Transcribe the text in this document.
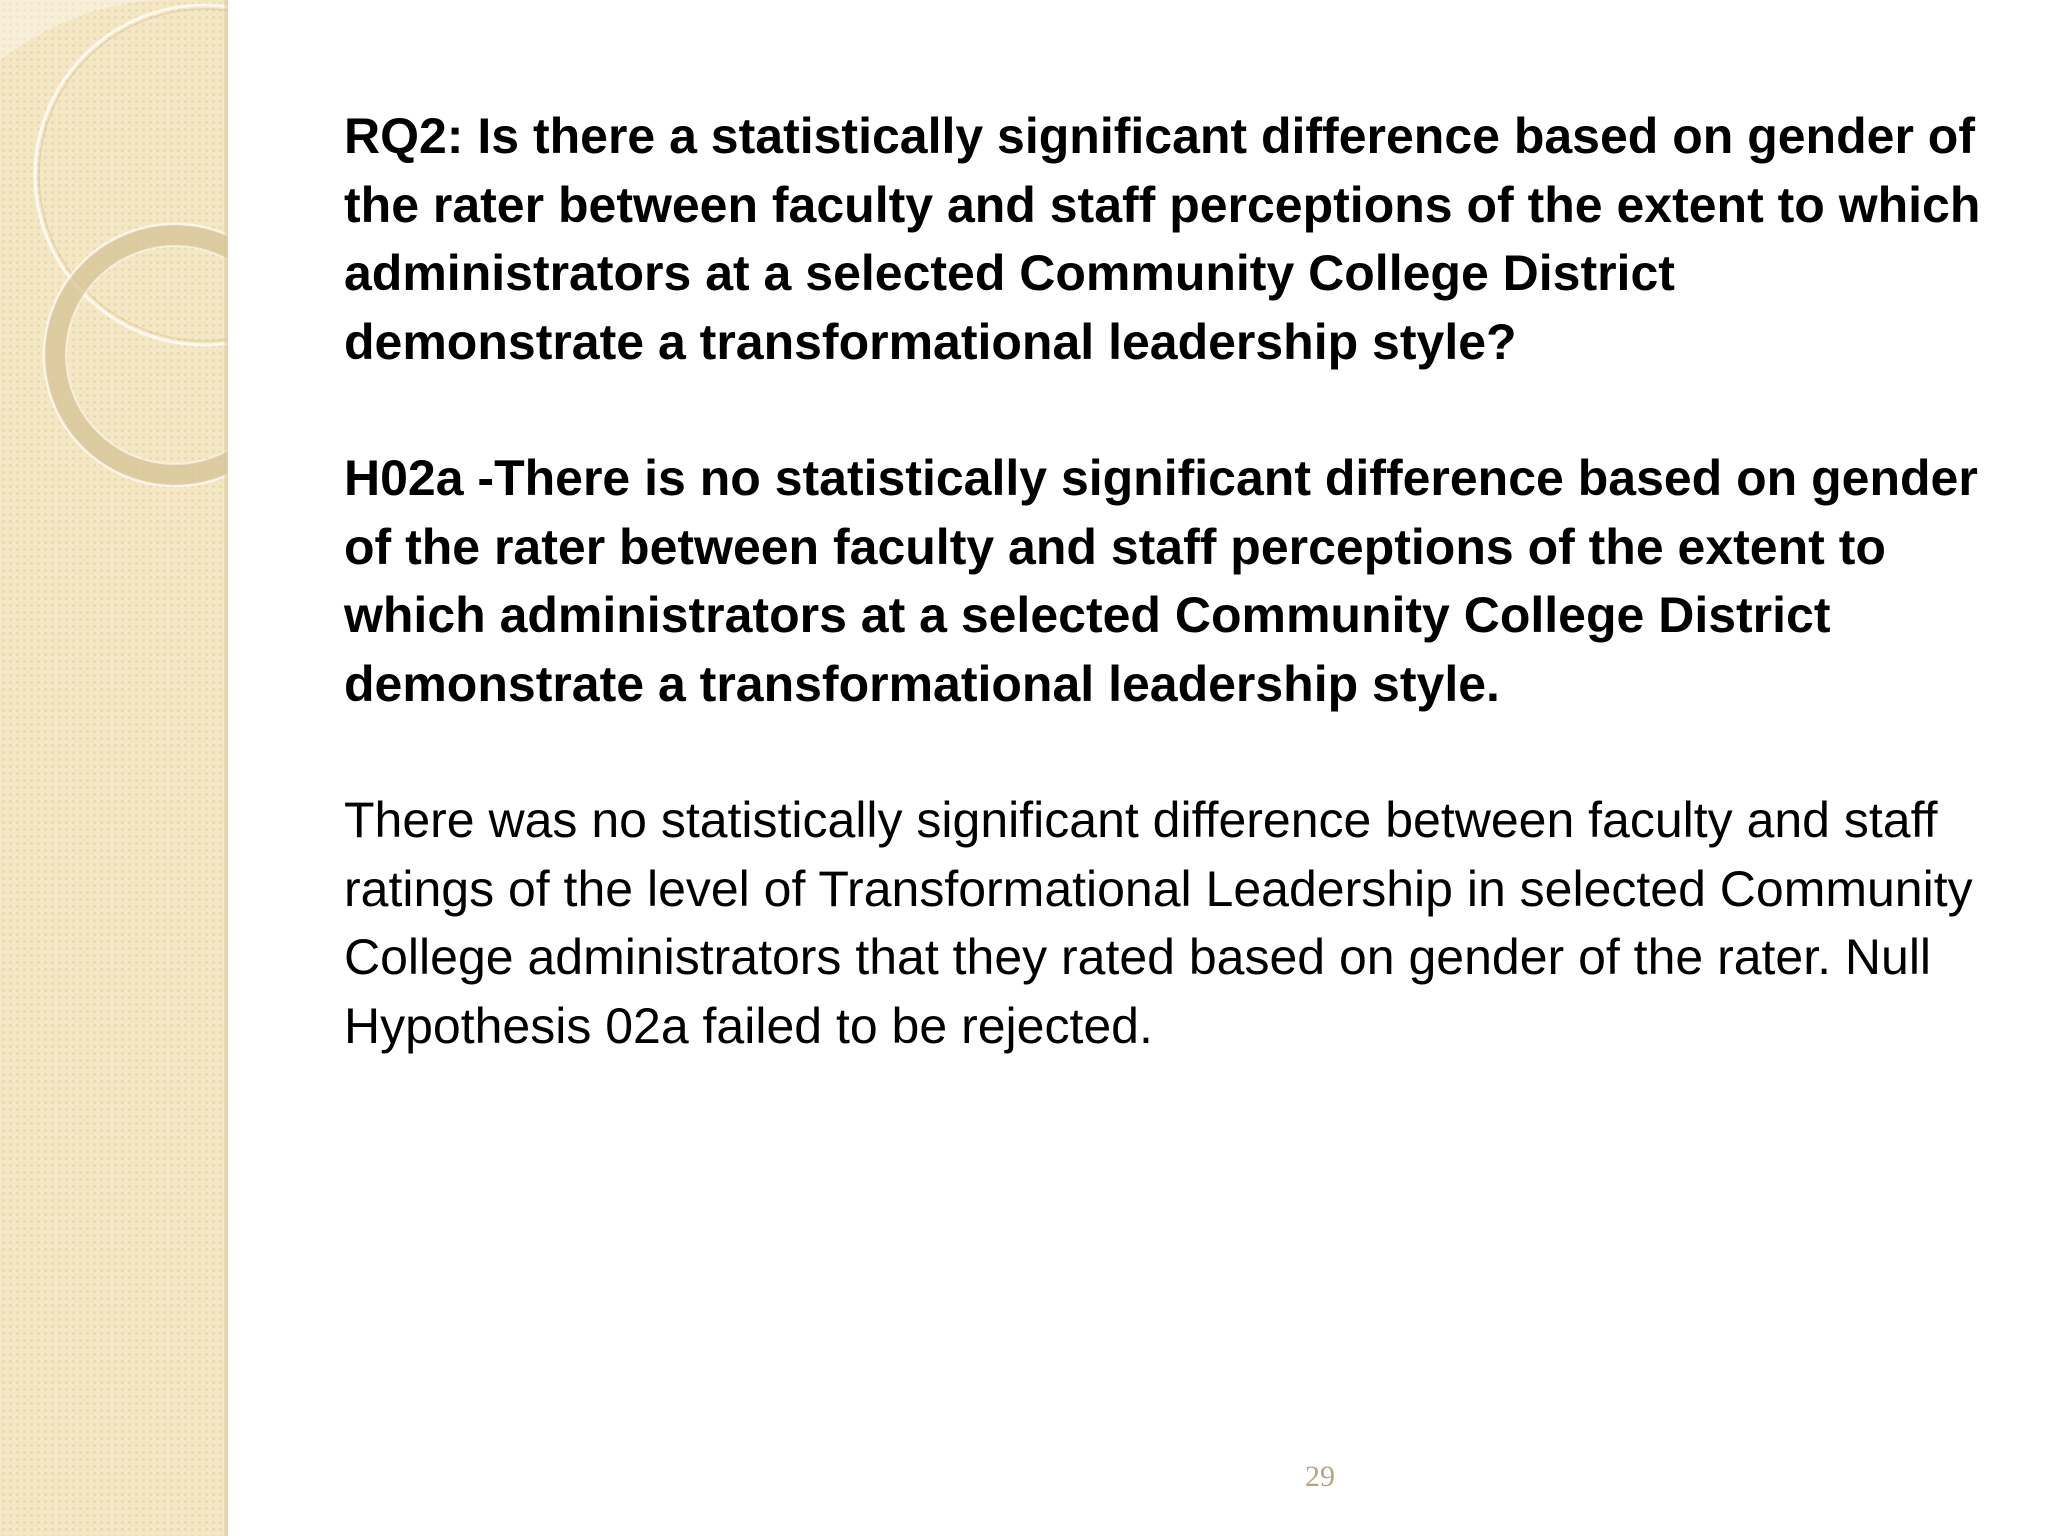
RQ2: Is there a statistically significant difference based on gender of the rater between faculty and staff perceptions of the extent to which administrators at a selected Community College District demonstrate a transformational leadership style?

H02a -There is no statistically significant difference based on gender of the rater between faculty and staff perceptions of the extent to which administrators at a selected Community College District demonstrate a transformational leadership style.

There was no statistically significant difference between faculty and staff ratings of the level of Transformational Leadership in selected Community College administrators that they rated based on gender of the rater. Null Hypothesis 02a failed to be rejected.

29
